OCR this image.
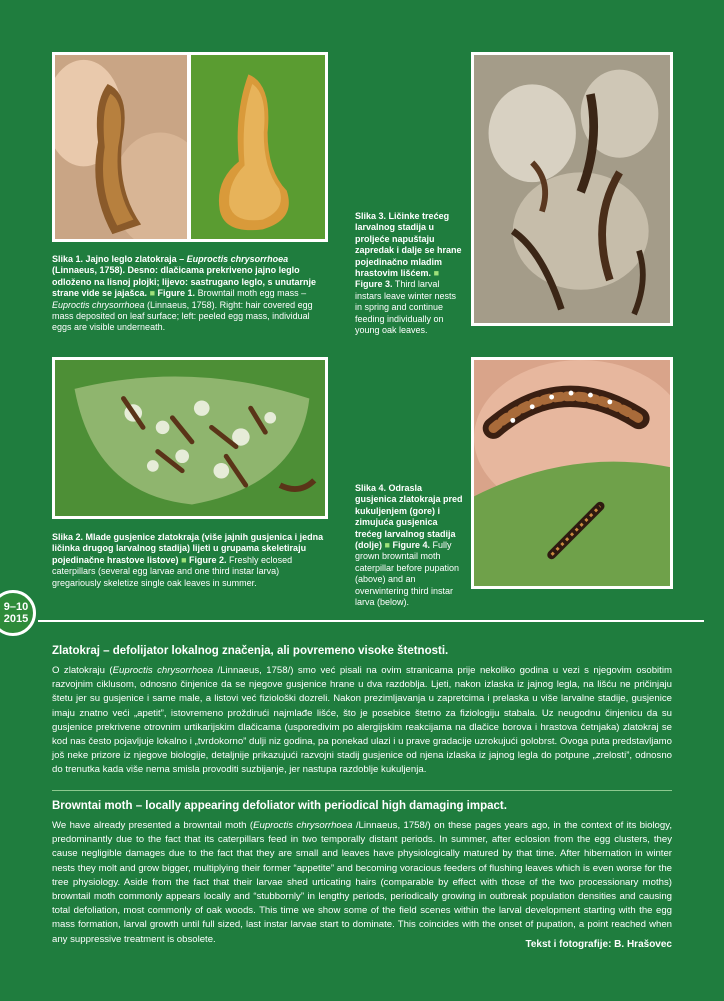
Slika 1. Jajno leglo zlatokraja – Euproctis chrysorrhoea (Linnaeus, 1758). Desno: dlačicama prekriveno jajno leglo odloženo na lisnoj plojki; lijevo: sastrugano leglo, s unutarnje strane vide se jajašca. ■ Figure 1. Browntail moth egg mass – Euproctis chrysorrhoea (Linnaeus, 1758). Right: hair covered egg mass deposited on leaf surface; left: peeled egg mass, individual eggs are visible underneath.
Slika 3. Ličinke trećeg larvalnog stadija u proljeće napuštaju zapredak i dalje se hrane pojedinačno mladim hrastovim lišćem. ■ Figure 3. Third larval instars leave winter nests in spring and continue feeding individually on young oak leaves.
Slika 2. Mlade gusjenice zlatokraja (više jajnih gusjenica i jedna ličinka drugog larvalnog stadija) lijeti u grupama skeletiraju pojedinačne hrastove listove) ■ Figure 2. Freshly eclosed caterpillars (several egg larvae and one third instar larva) gregariously skeletize single oak leaves in summer.
Slika 4. Odrasla gusjenica zlatokraja pred kukuljenjem (gore) i zimujuća gusjenica trećeg larvalnog stadija (dolje) ■ Figure 4. Fully grown browntail moth caterpillar before pupation (above) and an overwintering third instar larva (below).
9–10
2015
Zlatokraj – defolijator lokalnog značenja, ali povremeno visoke štetnosti.
O zlatokraju (Euproctis chrysorrhoea /Linnaeus, 1758/) smo već pisali na ovim stranicama prije nekoliko godina u vezi s njegovim osobitim razvojnim ciklusom, odnosno činjenice da se njegove gusjenice hrane u dva razdoblja. Ljeti, nakon izlaska iz jajnog legla, na lišću ne pričinjaju štetu jer su gusjenice i same male, a listovi već fiziološki dozreli. Nakon prezimljavanja u zapretcima i prelaska u više larvalne stadije, gusjenice imaju znatno veći „apetit”, istovremeno proždirući najmlađe lišće, što je posebice štetno za fiziologiju stabala. Uz neugodnu činjenicu da su gusjenice prekrivene otrovnim urtikarijskim dlačicama (usporedivim po alergijskim reakcijama na dlačice borova i hrastova četnjaka) zlatokraj se kod nas često pojavljuje lokalno i „tvrdokorno” dulji niz godina, pa ponekad ulazi i u prave gradacije uzrokujući golobrst. Ovoga puta predstavljamo još neke prizore iz njegove biologije, detaljnije prikazujući razvojni stadij gusjenice od njena izlaska iz jajnog legla do potpune „zrelosti”, odnosno do trenutka kada više nema smisla provoditi suzbijanje, jer nastupa razdoblje kukuljenja.
Browntai moth – locally appearing defoliator with periodical high damaging impact.
We have already presented a browntail moth (Euproctis chrysorrhoea /Linnaeus, 1758/) on these pages years ago, in the context of its biology, predominantly due to the fact that its caterpillars feed in two temporally distant periods. In summer, after eclosion from the egg clusters, they cause negligible damages due to the fact that they are small and leaves have physiologically matured by that time. After hibernation in winter nests they molt and grow bigger, multiplying their former “appetite” and becoming voracious feeders of flushing leaves which is even worse for the tree physiology. Aside from the fact that their larvae shed urticating hairs (comparable by effect with those of the two processionary moths) browntail moth commonly appears locally and “stubbornly” in lengthy periods, periodically growing in outbreak population densities and causing total defoliation, most commonly of oak woods. This time we show some of the field scenes within the larval development starting with the egg mass formation, larval growth until full sized, last instar larvae start to dominate. This coincides with the onset of pupation, a point reached when any suppressive treatment is obsolete.	Tekst i fotografije: B. Hrašovec
